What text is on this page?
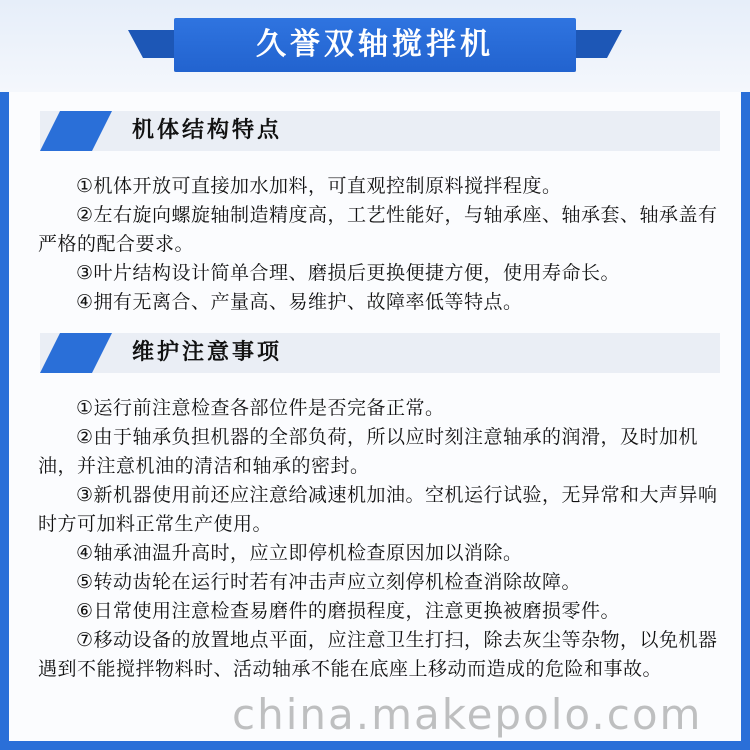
久誉双轴搅拌机
机体结构特点

①机体开放可直接加水加料，可直观控制原料搅拌程度。

②左右旋向螺旋轴制造精度高，工艺性能好，与轴承座、轴承套、轴承盖有严格的配合要求。

③叶片结构设计简单合理、磨损后更换便捷方便，使用寿命长。

④拥有无离合、产量高、易维护、故障率低等特点。

维护注意事项

①运行前注意检查各部位件是否完备正常。

②由于轴承负担机器的全部负荷，所以应时刻注意轴承的润滑，及时加机油，并注意机油的清洁和轴承的密封。

③新机器使用前还应注意给减速机加油。空机运行试验，无异常和大声异响时方可加料正常生产使用。

④轴承油温升高时，应立即停机检查原因加以消除。

⑤转动齿轮在运行时若有冲击声应立刻停机检查消除故障。

⑥日常使用注意检查易磨件的磨损程度，注意更换被磨损零件。

⑦移动设备的放置地点平面，应注意卫生打扫，除去灰尘等杂物，以免机器遇到不能搅拌物料时、活动轴承不能在底座上移动而造成的危险和事故。

china.makepolo.com
